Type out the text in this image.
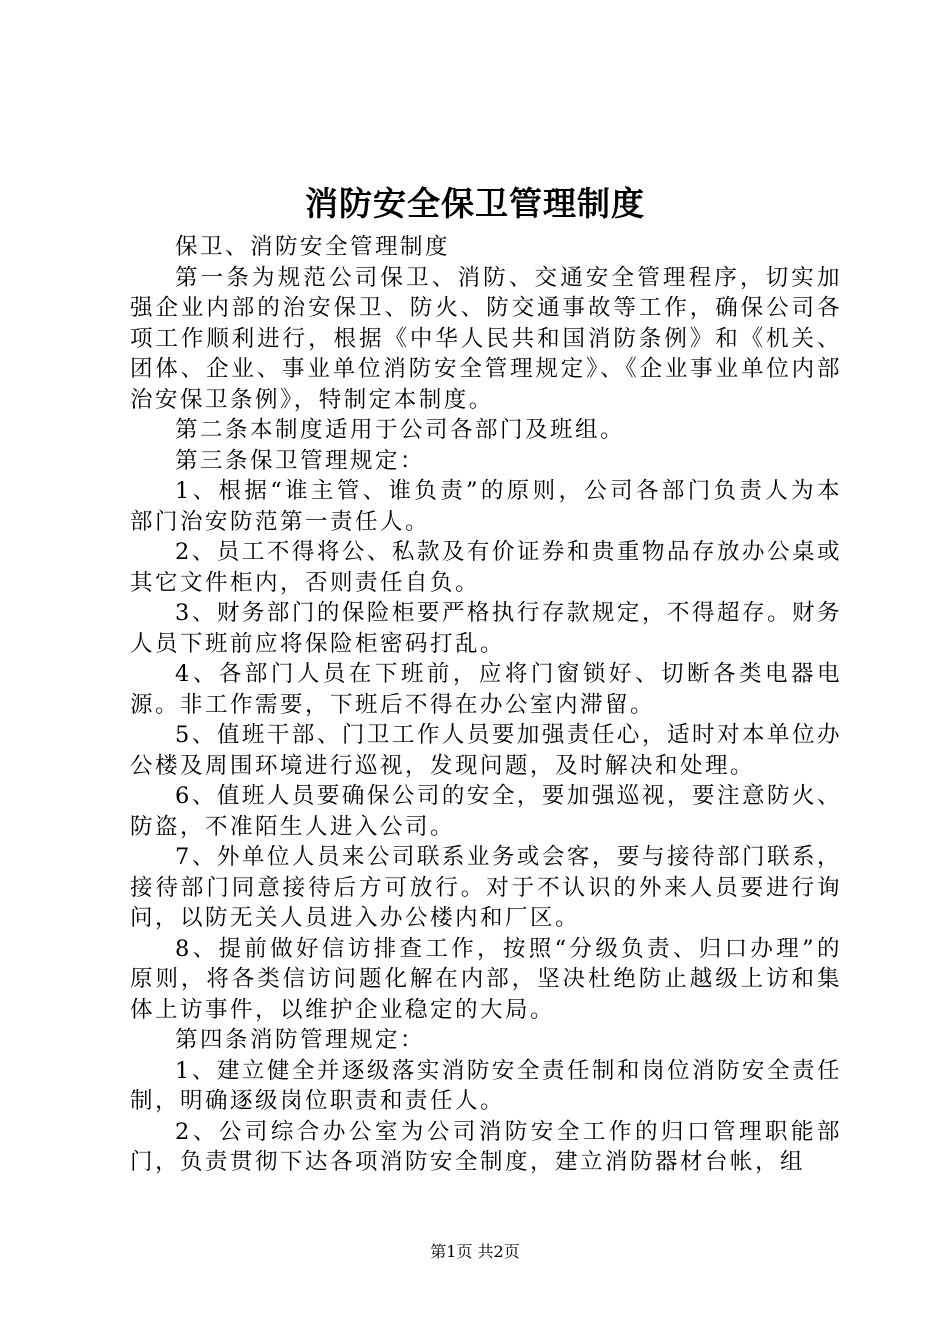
消防安全保卫管理制度

保卫、消防安全管理制度

第一条为规范公司保卫、消防、交通安全管理程序，切实加强企业内部的治安保卫、防火、防交通事故等工作，确保公司各项工作顺利进行，根据《中华人民共和国消防条例》和《机关、团体、企业、事业单位消防安全管理规定》、《企业事业单位内部治安保卫条例》，特制定本制度。

第二条本制度适用于公司各部门及班组。

第三条保卫管理规定：

1、根据“谁主管、谁负责”的原则，公司各部门负责人为本部门治安防范第一责任人。

2、员工不得将公、私款及有价证券和贵重物品存放办公桌或其它文件柜内，否则责任自负。

3、财务部门的保险柜要严格执行存款规定，不得超存。财务人员下班前应将保险柜密码打乱。

4、各部门人员在下班前，应将门窗锁好、切断各类电器电源。非工作需要，下班后不得在办公室内滞留。

5、值班干部、门卫工作人员要加强责任心，适时对本单位办公楼及周围环境进行巡视，发现问题，及时解决和处理。

6、值班人员要确保公司的安全，要加强巡视，要注意防火、防盗，不准陌生人进入公司。

7、外单位人员来公司联系业务或会客，要与接待部门联系，接待部门同意接待后方可放行。对于不认识的外来人员要进行询问，以防无关人员进入办公楼内和厂区。

8、提前做好信访排查工作，按照“分级负责、归口办理”的原则，将各类信访问题化解在内部，坚决杜绝防止越级上访和集体上访事件，以维护企业稳定的大局。

第四条消防管理规定：

1、建立健全并逐级落实消防安全责任制和岗位消防安全责任制，明确逐级岗位职责和责任人。

2、公司综合办公室为公司消防安全工作的归口管理职能部门，负责贯彻下达各项消防安全制度，建立消防器材台帐，组

第1页 共2页
